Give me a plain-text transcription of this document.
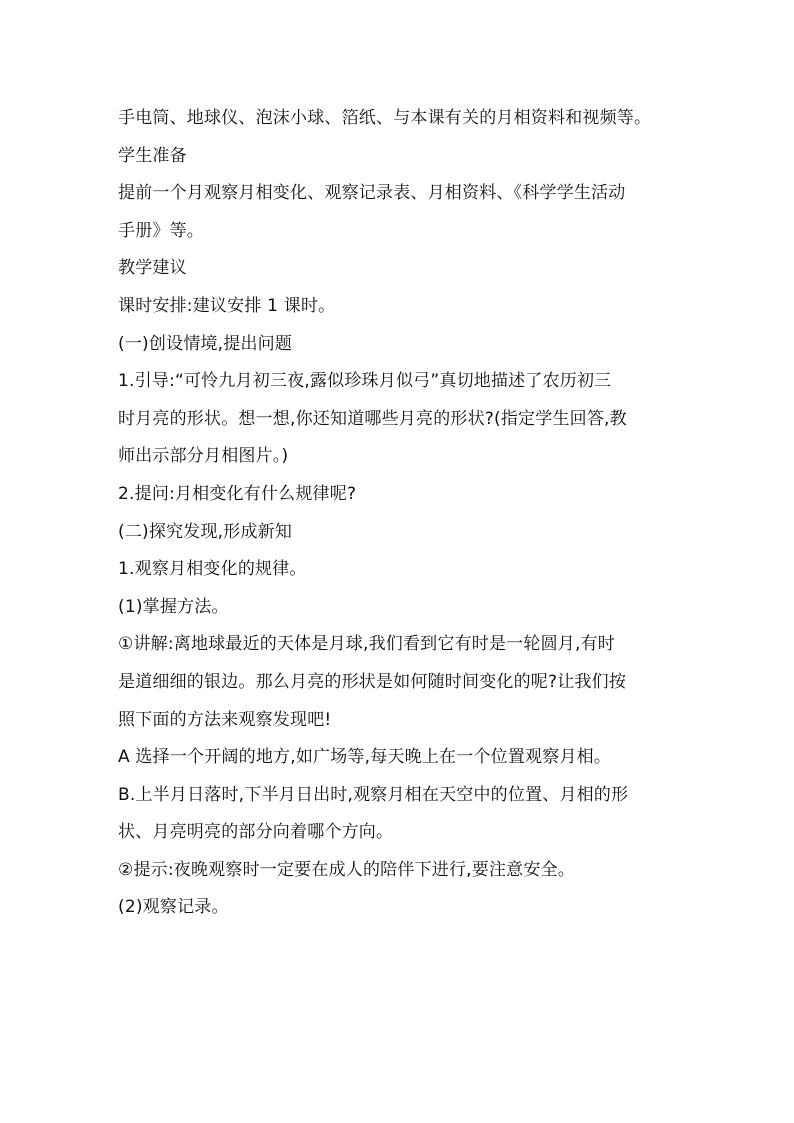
手电筒、地球仪、泡沫小球、箔纸、与本课有关的月相资料和视频等。
学生准备
提前一个月观察月相变化、观察记录表、月相资料、《科学学生活动
手册》等。
教学建议
课时安排:建议安排 1 课时。
(一)创设情境,提出问题
1.引导:“可怜九月初三夜,露似珍珠月似弓”真切地描述了农历初三
时月亮的形状。想一想,你还知道哪些月亮的形状?(指定学生回答,教
师出示部分月相图片。)
2.提问:月相变化有什么规律呢?
(二)探究发现,形成新知
1.观察月相变化的规律。
(1)掌握方法。
①讲解:离地球最近的天体是月球,我们看到它有时是一轮圆月,有时
是道细细的银边。那么月亮的形状是如何随时间变化的呢?让我们按
照下面的方法来观察发现吧!
A 选择一个开阔的地方,如广场等,每天晚上在一个位置观察月相。
B.上半月日落时,下半月日出时,观察月相在天空中的位置、月相的形
状、月亮明亮的部分向着哪个方向。
②提示:夜晚观察时一定要在成人的陪伴下进行,要注意安全。
(2)观察记录。
